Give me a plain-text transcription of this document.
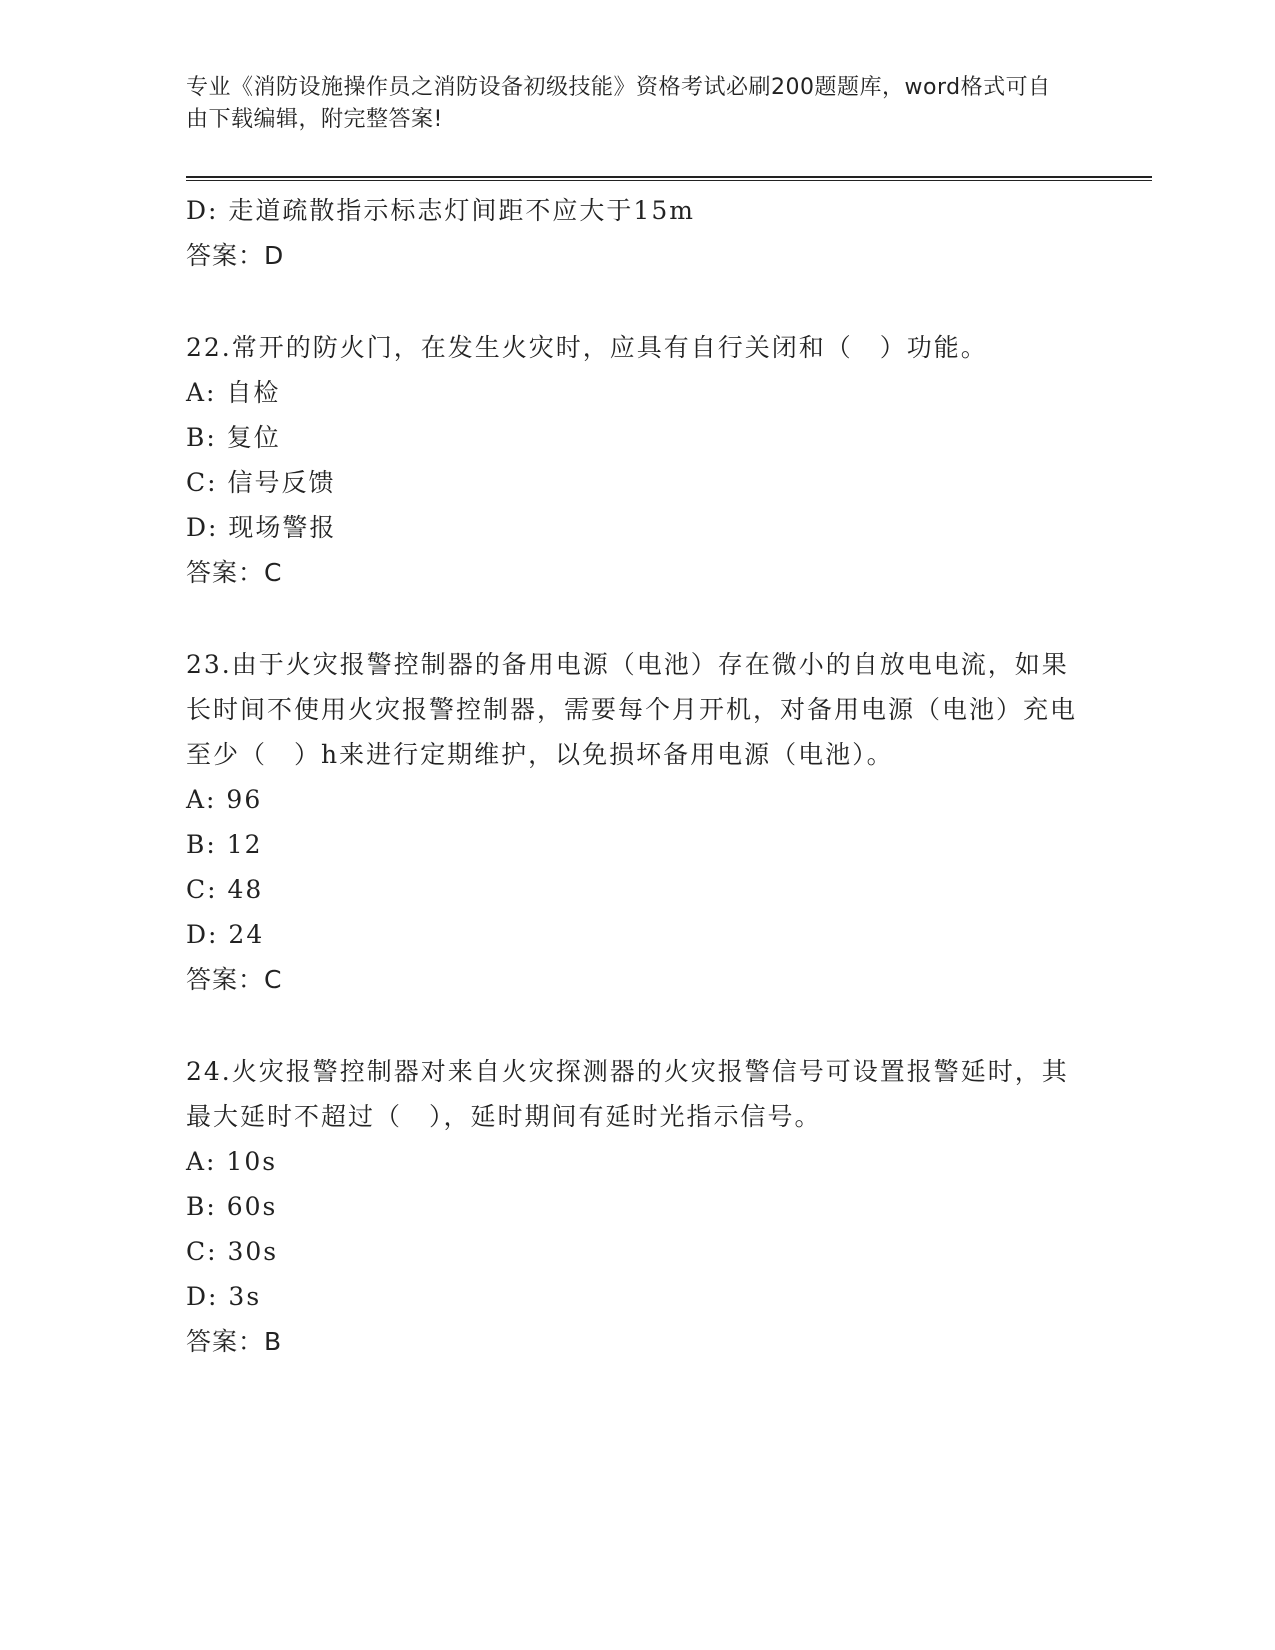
专业《消防设施操作员之消防设备初级技能》资格考试必刷200题题库，word格式可自由下载编辑，附完整答案!
D: 走道疏散指示标志灯间距不应大于15m
答案：D
22.常开的防火门，在发生火灾时，应具有自行关闭和（　）功能。
A: 自检
B: 复位
C: 信号反馈
D: 现场警报
答案：C
23.由于火灾报警控制器的备用电源（电池）存在微小的自放电电流，如果长时间不使用火灾报警控制器，需要每个月开机，对备用电源（电池）充电至少（　）h来进行定期维护，以免损坏备用电源（电池）。
A: 96
B: 12
C: 48
D: 24
答案：C
24.火灾报警控制器对来自火灾探测器的火灾报警信号可设置报警延时，其最大延时不超过（　），延时期间有延时光指示信号。
A: 10s
B: 60s
C: 30s
D: 3s
答案：B
